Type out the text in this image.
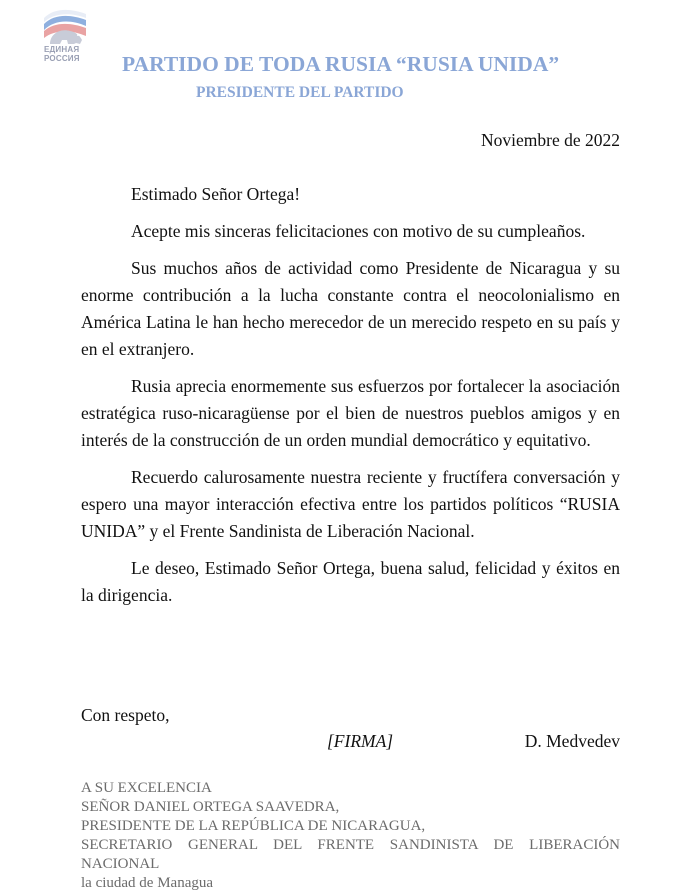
ЕДИНАЯ
РОССИЯ PARTIDO DE TODA RUSIA “RUSIA UNIDA”
PRESIDENTE DEL PARTIDO
Noviembre de 2022

Estimado Señor Ortega!

Acepte mis sinceras felicitaciones con motivo de su cumpleaños.

Sus muchos años de actividad como Presidente de Nicaragua y su enorme contribución a la lucha constante contra el neocolonialismo en América Latina le han hecho merecedor de un merecido respeto en su país y en el extranjero.

Rusia aprecia enormemente sus esfuerzos por fortalecer la asociación estratégica ruso-nicaragüense por el bien de nuestros pueblos amigos y en interés de la construcción de un orden mundial democrático y equitativo.

Recuerdo calurosamente nuestra reciente y fructífera conversación y espero una mayor interacción efectiva entre los partidos políticos “RUSIA UNIDA” y el Frente Sandinista de Liberación Nacional.

Le deseo, Estimado Señor Ortega, buena salud, felicidad y éxitos en la dirigencia.

Con respeto,
[FIRMA]	D. Medvedev
A SU EXCELENCIA
SEÑOR DANIEL ORTEGA SAAVEDRA,
PRESIDENTE DE LA REPÚBLICA DE NICARAGUA,
SECRETARIO GENERAL DEL FRENTE SANDINISTA DE LIBERACIÓN
NACIONAL
la ciudad de Managua
